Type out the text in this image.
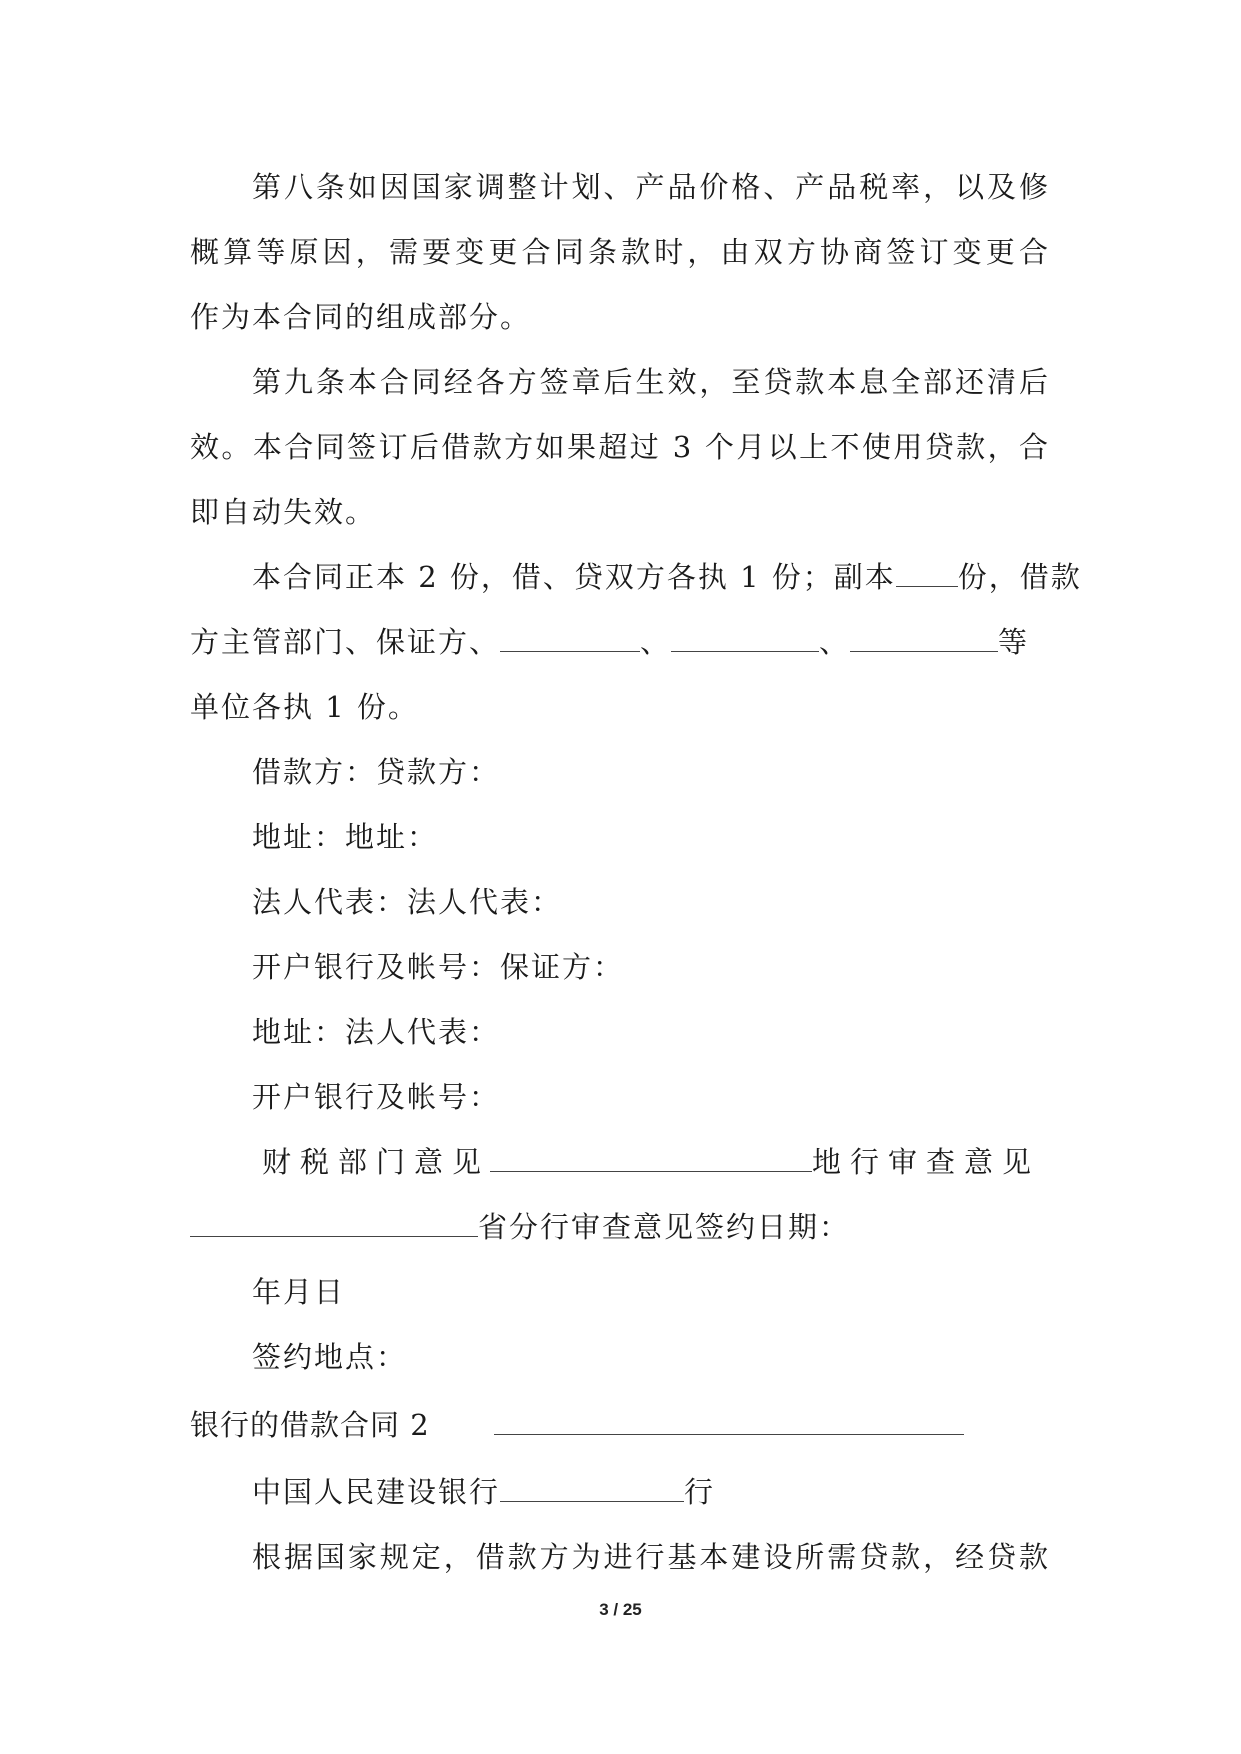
第八条如因国家调整计划、产品价格、产品税率，以及修
概算等原因，需要变更合同条款时，由双方协商签订变更合
作为本合同的组成部分。
第九条本合同经各方签章后生效，至贷款本息全部还清后
效。本合同签订后借款方如果超过 3 个月以上不使用贷款，合
即自动失效。
本合同正本 2 份，借、贷双方各执 1 份；副本 份，借款
方主管部门、保证方、	、	、	等
单位各执 1 份。
借款方：贷款方：
地址：地址：
法人代表：法人代表：
开户银行及帐号：保证方：
地址：法人代表：
开户银行及帐号：
财税部门意见	地行审查意见
省分行审查意见签约日期：
年月日
签约地点：
银行的借款合同 2
中国人民建设银行	行
根据国家规定，借款方为进行基本建设所需贷款，经贷款
3 / 25
